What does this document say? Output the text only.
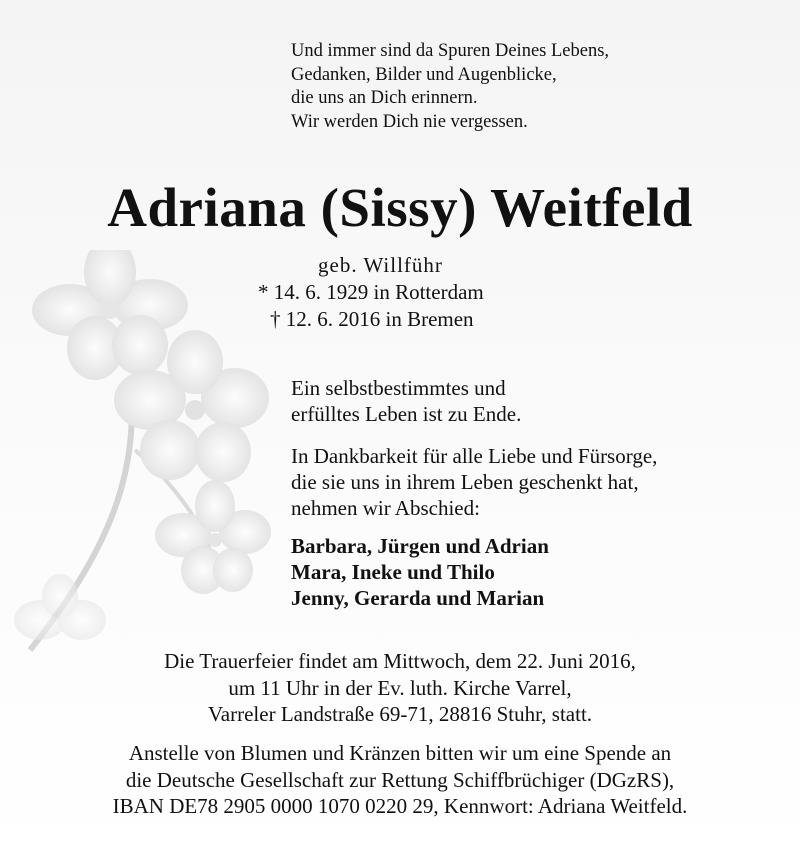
Und immer sind da Spuren Deines Lebens,
Gedanken, Bilder und Augenblicke,
die uns an Dich erinnern.
Wir werden Dich nie vergessen.
Adriana (Sissy) Weitfeld
geb. Willführ
* 14. 6. 1929 in Rotterdam
† 12. 6. 2016 in Bremen
Ein selbstbestimmtes und
erfülltes Leben ist zu Ende.
In Dankbarkeit für alle Liebe und Fürsorge,
die sie uns in ihrem Leben geschenkt hat,
nehmen wir Abschied:
Barbara, Jürgen und Adrian
Mara, Ineke und Thilo
Jenny, Gerarda und Marian
Die Trauerfeier findet am Mittwoch, dem 22. Juni 2016,
um 11 Uhr in der Ev. luth. Kirche Varrel,
Varreler Landstraße 69-71, 28816 Stuhr, statt.
Anstelle von Blumen und Kränzen bitten wir um eine Spende an
die Deutsche Gesellschaft zur Rettung Schiffbrüchiger (DGzRS),
IBAN DE78 2905 0000 1070 0220 29, Kennwort: Adriana Weitfeld.
